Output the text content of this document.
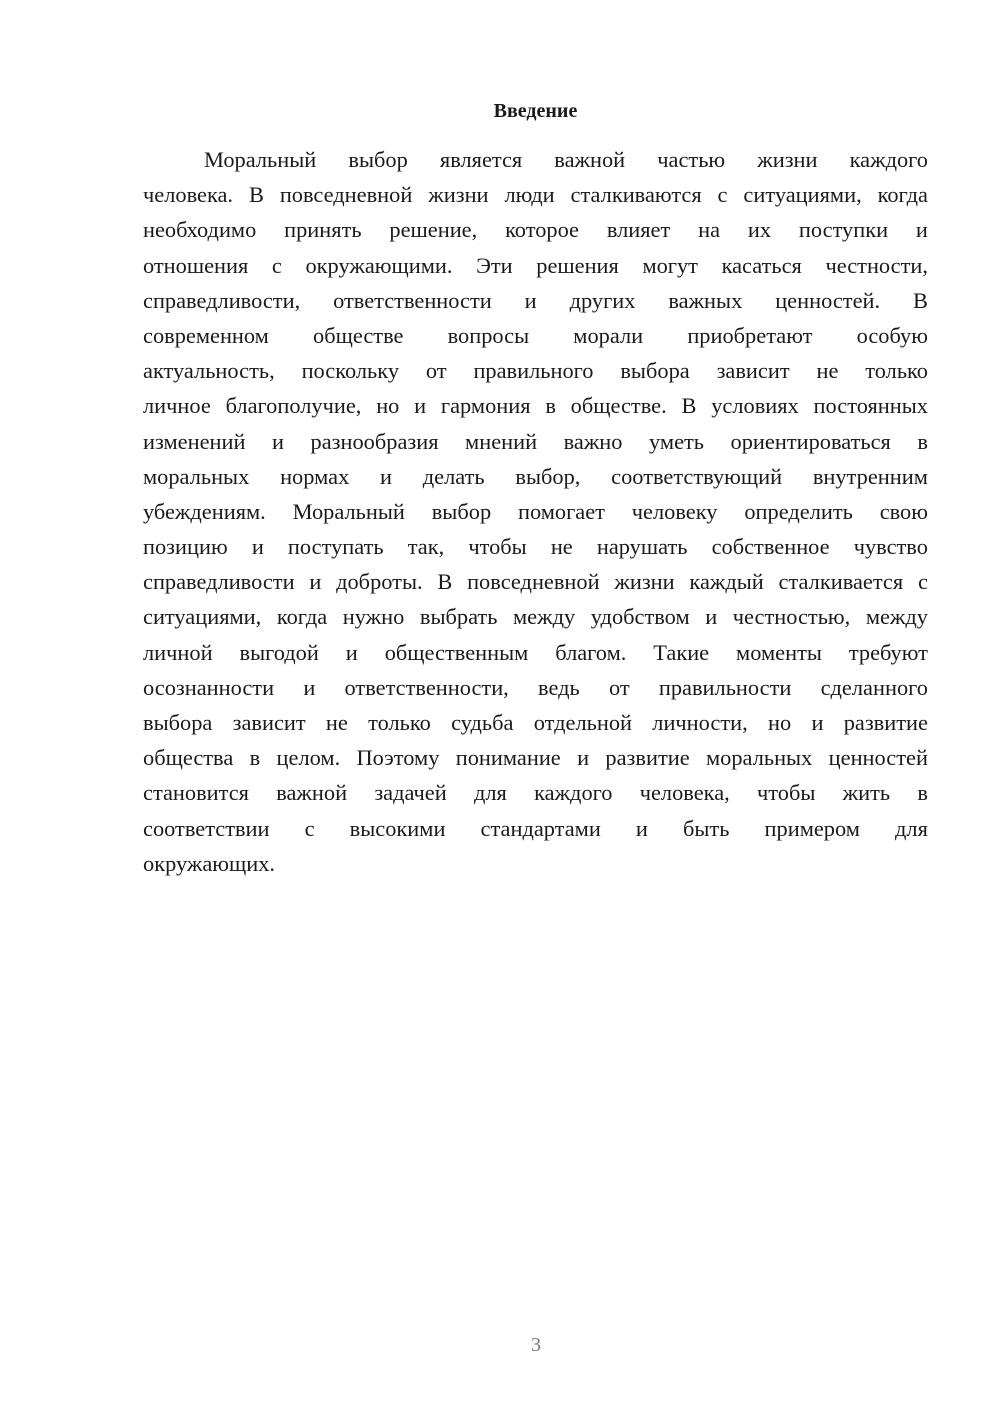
Введение
Моральный выбор является важной частью жизни каждого
человека. В повседневной жизни люди сталкиваются с ситуациями, когда
необходимо принять решение, которое влияет на их поступки и
отношения с окружающими. Эти решения могут касаться честности,
справедливости, ответственности и других важных ценностей. В
современном обществе вопросы морали приобретают особую
актуальность, поскольку от правильного выбора зависит не только
личное благополучие, но и гармония в обществе. В условиях постоянных
изменений и разнообразия мнений важно уметь ориентироваться в
моральных нормах и делать выбор, соответствующий внутренним
убеждениям. Моральный выбор помогает человеку определить свою
позицию и поступать так, чтобы не нарушать собственное чувство
справедливости и доброты. В повседневной жизни каждый сталкивается с
ситуациями, когда нужно выбрать между удобством и честностью, между
личной выгодой и общественным благом. Такие моменты требуют
осознанности и ответственности, ведь от правильности сделанного
выбора зависит не только судьба отдельной личности, но и развитие
общества в целом. Поэтому понимание и развитие моральных ценностей
становится важной задачей для каждого человека, чтобы жить в
соответствии с высокими стандартами и быть примером для
окружающих.
3
